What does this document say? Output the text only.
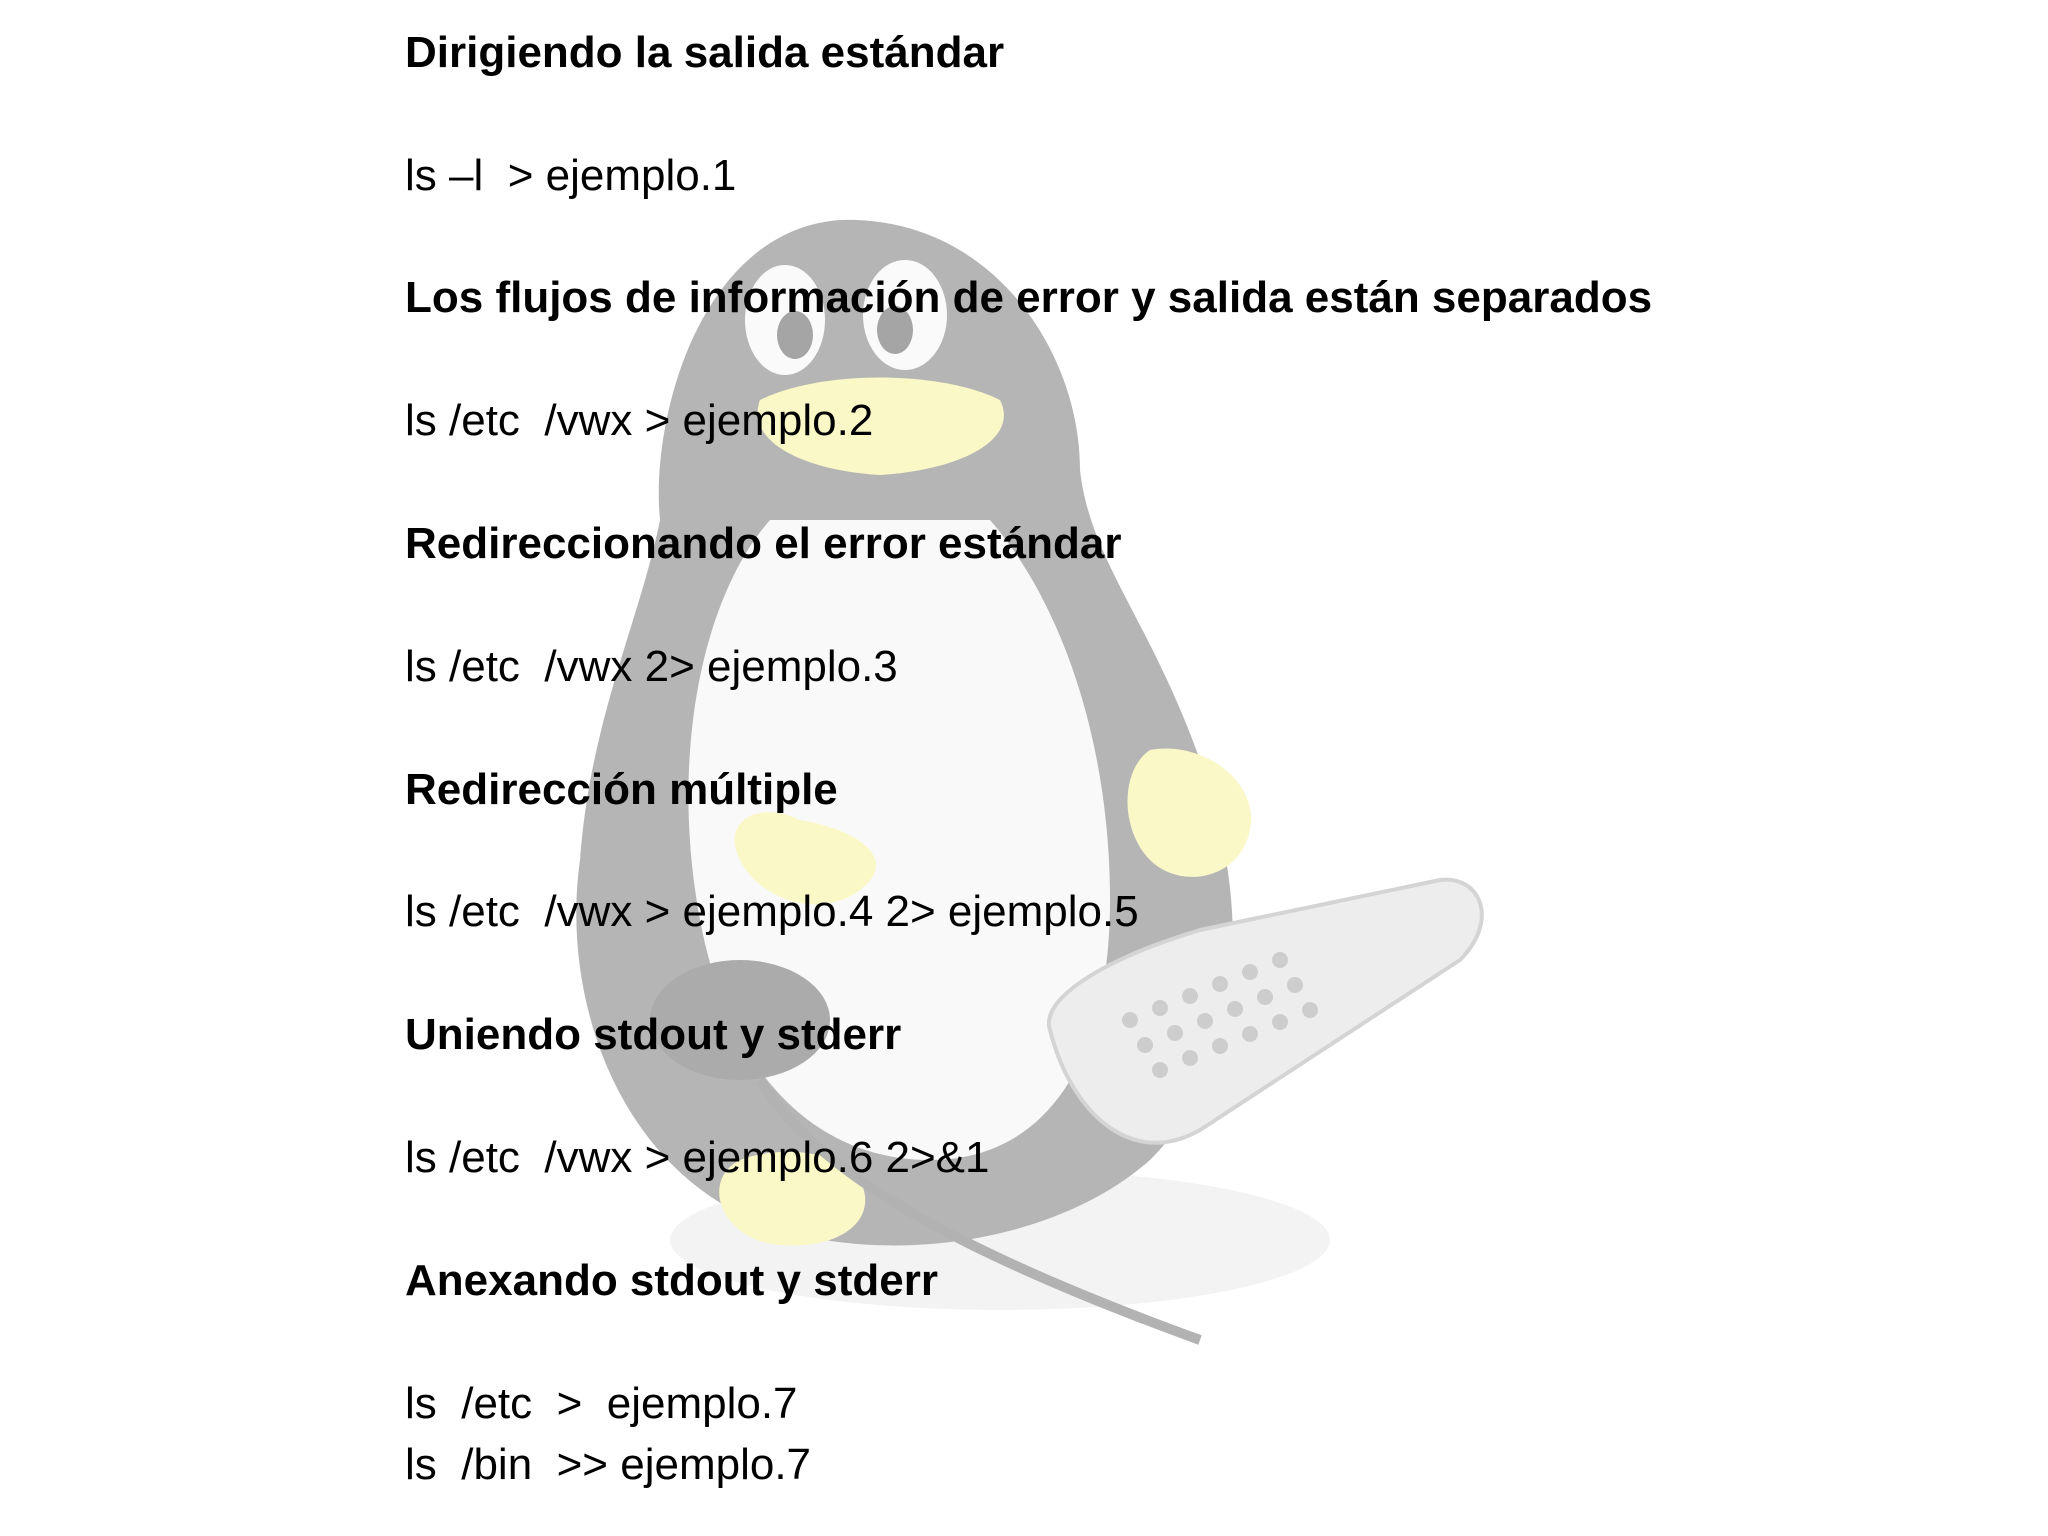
Dirigiendo la salida estándar
ls –l  > ejemplo.1
Los flujos de información de error y salida están separados
ls /etc  /vwx > ejemplo.2
Redireccionando el error estándar
ls /etc  /vwx 2> ejemplo.3
Redirección múltiple
ls /etc  /vwx > ejemplo.4 2> ejemplo.5
Uniendo stdout y stderr
ls /etc  /vwx > ejemplo.6 2>&1
Anexando stdout y stderr
ls  /etc  >  ejemplo.7
ls  /bin  >> ejemplo.7
